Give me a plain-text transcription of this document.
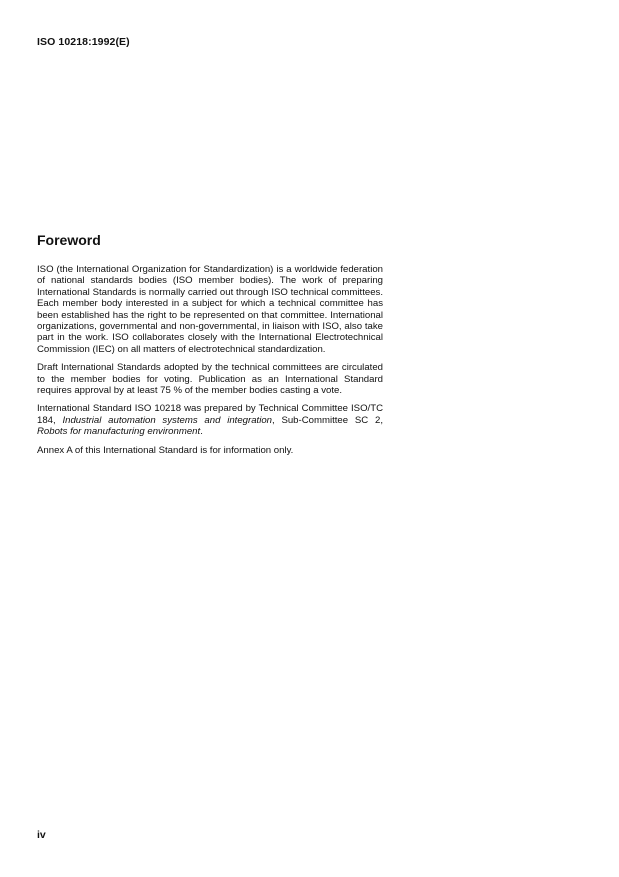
ISO 10218:1992(E)
Foreword

ISO (the International Organization for Standardization) is a worldwide federation of national standards bodies (ISO member bodies). The work of preparing International Standards is normally carried out through ISO technical committees. Each member body interested in a subject for which a technical committee has been established has the right to be represented on that committee. International organizations, governmental and non-governmental, in liaison with ISO, also take part in the work. ISO collaborates closely with the International Electrotechnical Commission (IEC) on all matters of electrotechnical standardization.

Draft International Standards adopted by the technical committees are circulated to the member bodies for voting. Publication as an International Standard requires approval by at least 75 % of the member bodies casting a vote.

International Standard ISO 10218 was prepared by Technical Committee ISO/TC 184, Industrial automation systems and integration, Sub-Committee SC 2, Robots for manufacturing environment.

Annex A of this International Standard is for information only.

iv
